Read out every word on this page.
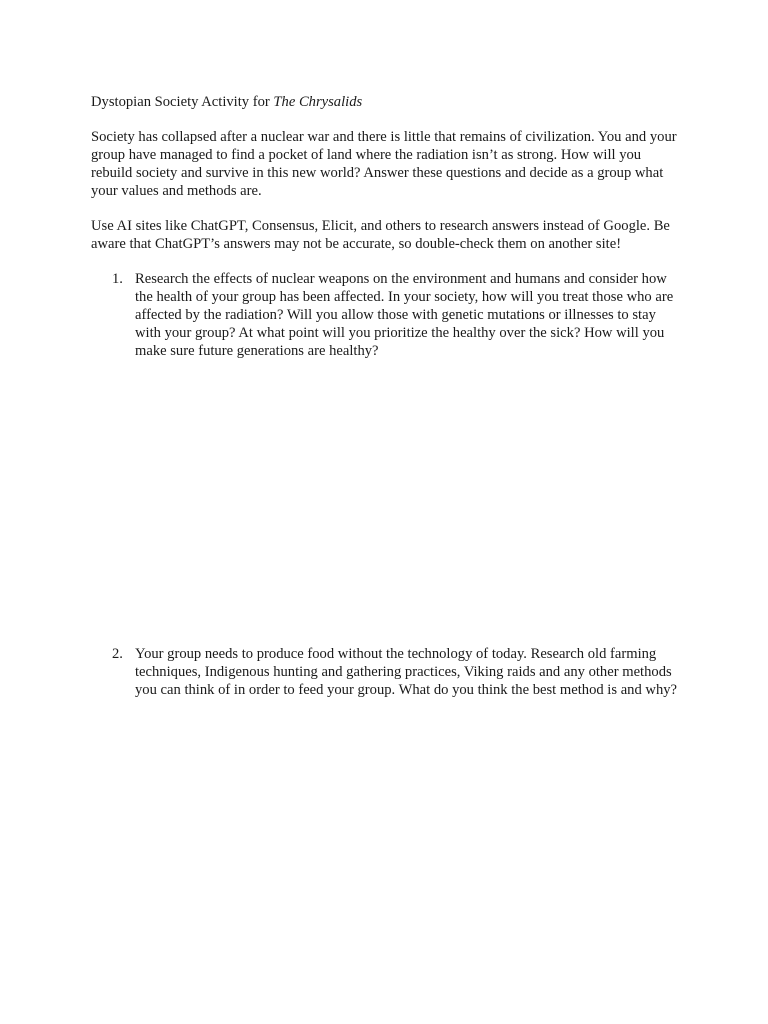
Dystopian Society Activity for The Chrysalids

Society has collapsed after a nuclear war and there is little that remains of civilization. You and your group have managed to find a pocket of land where the radiation isn’t as strong. How will you rebuild society and survive in this new world? Answer these questions and decide as a group what your values and methods are.

Use AI sites like ChatGPT, Consensus, Elicit, and others to research answers instead of Google. Be aware that ChatGPT’s answers may not be accurate, so double-check them on another site!

1. Research the effects of nuclear weapons on the environment and humans and consider how the health of your group has been affected. In your society, how will you treat those who are affected by the radiation? Will you allow those with genetic mutations or illnesses to stay with your group? At what point will you prioritize the healthy over the sick? How will you make sure future generations are healthy?
2. Your group needs to produce food without the technology of today. Research old farming techniques, Indigenous hunting and gathering practices, Viking raids and any other methods you can think of in order to feed your group. What do you think the best method is and why?
